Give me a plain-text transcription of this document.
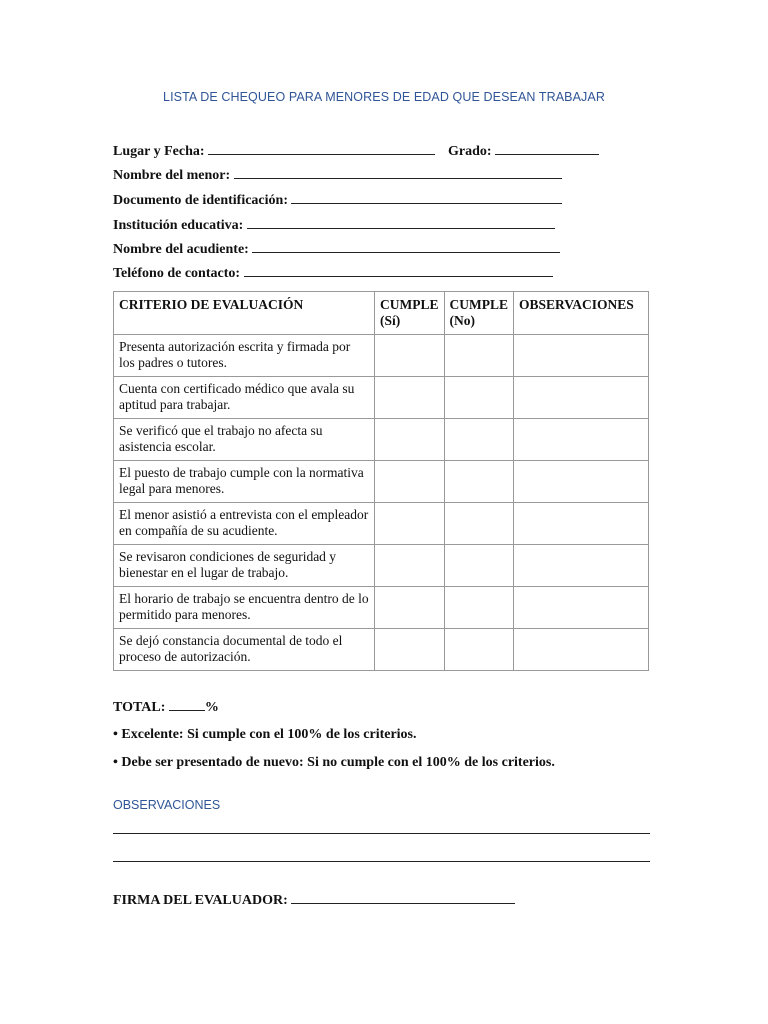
LISTA DE CHEQUEO PARA MENORES DE EDAD QUE DESEAN TRABAJAR
Lugar y Fecha:	Grado:
Nombre del menor:
Documento de identificación:
Institución educativa:
Nombre del acudiente:
Teléfono de contacto:
CRITERIO DE EVALUACIÓN	CUMPLE (Sí)	CUMPLE (No)	OBSERVACIONES
Presenta autorización escrita y firmada por los padres o tutores.			
Cuenta con certificado médico que avala su aptitud para trabajar.			
Se verificó que el trabajo no afecta su asistencia escolar.			
El puesto de trabajo cumple con la normativa legal para menores.			
El menor asistió a entrevista con el empleador en compañía de su acudiente.			
Se revisaron condiciones de seguridad y bienestar en el lugar de trabajo.			
El horario de trabajo se encuentra dentro de lo permitido para menores.			
Se dejó constancia documental de todo el proceso de autorización.			
TOTAL:	%
• Excelente: Si cumple con el 100% de los criterios.
• Debe ser presentado de nuevo: Si no cumple con el 100% de los criterios.
OBSERVACIONES
FIRMA DEL EVALUADOR:
